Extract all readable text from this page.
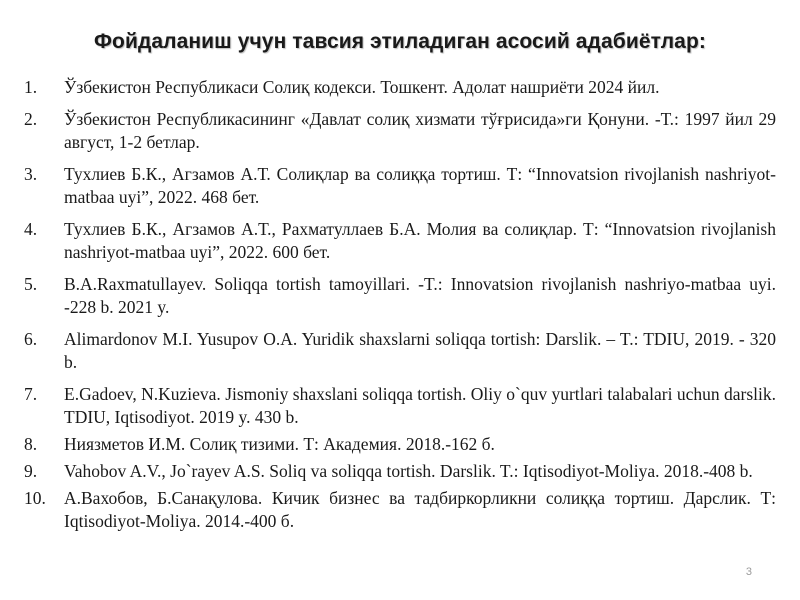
Фойдаланиш учун тавсия этиладиган асосий адабиётлар:
1.	Ўзбекистон Республикаси Солиқ кодекси. Тошкент. Адолат нашриёти 2024 йил.
2.	Ўзбекистон Республикасининг «Давлат солиқ хизмати тўғрисида»ги Қонуни. -Т.: 1997 йил 29 август, 1-2 бетлар.
3.	Тухлиев Б.К., Агзамов А.Т. Солиқлар ва солиққа тортиш. Т: “Innovatsion rivojlanish nashriyot-matbaa uyi”, 2022. 468 бет.
4.	Тухлиев Б.К., Агзамов А.Т., Рахматуллаев Б.А. Молия ва солиқлар. Т: “Innovatsion rivojlanish nashriyot-matbaa uyi”, 2022. 600 бет.
5.	B.A.Raxmatullayev. Soliqqa tortish tamoyillari. -T.: Innovatsion rivojlanish nashriyo-matbaa uyi. -228 b. 2021 y.
6.	Alimardonov M.I. Yusupov O.A. Yuridik shaxslarni soliqqa tortish: Darslik. – T.: TDIU, 2019. - 320 b.
7.	E.Gadoev, N.Kuzieva. Jismoniy shaxslani soliqqa tortish. Oliy o`quv yurtlari talabalari uchun darslik. TDIU, Iqtisodiyot. 2019 y. 430 b.
8.	Ниязметов И.М. Солиқ тизими. Т: Академия. 2018.-162 б.
9.	Vahobov A.V., Jo`rayev A.S. Soliq va soliqqa tortish. Darslik. T.: Iqtisodiyot-Moliya. 2018.-408 b.
10.	А.Вахобов, Б.Санақулова. Кичик бизнес ва тадбиркорликни солиққа тортиш. Дарслик. Т: Iqtisodiyot-Moliya. 2014.-400 б.
3
